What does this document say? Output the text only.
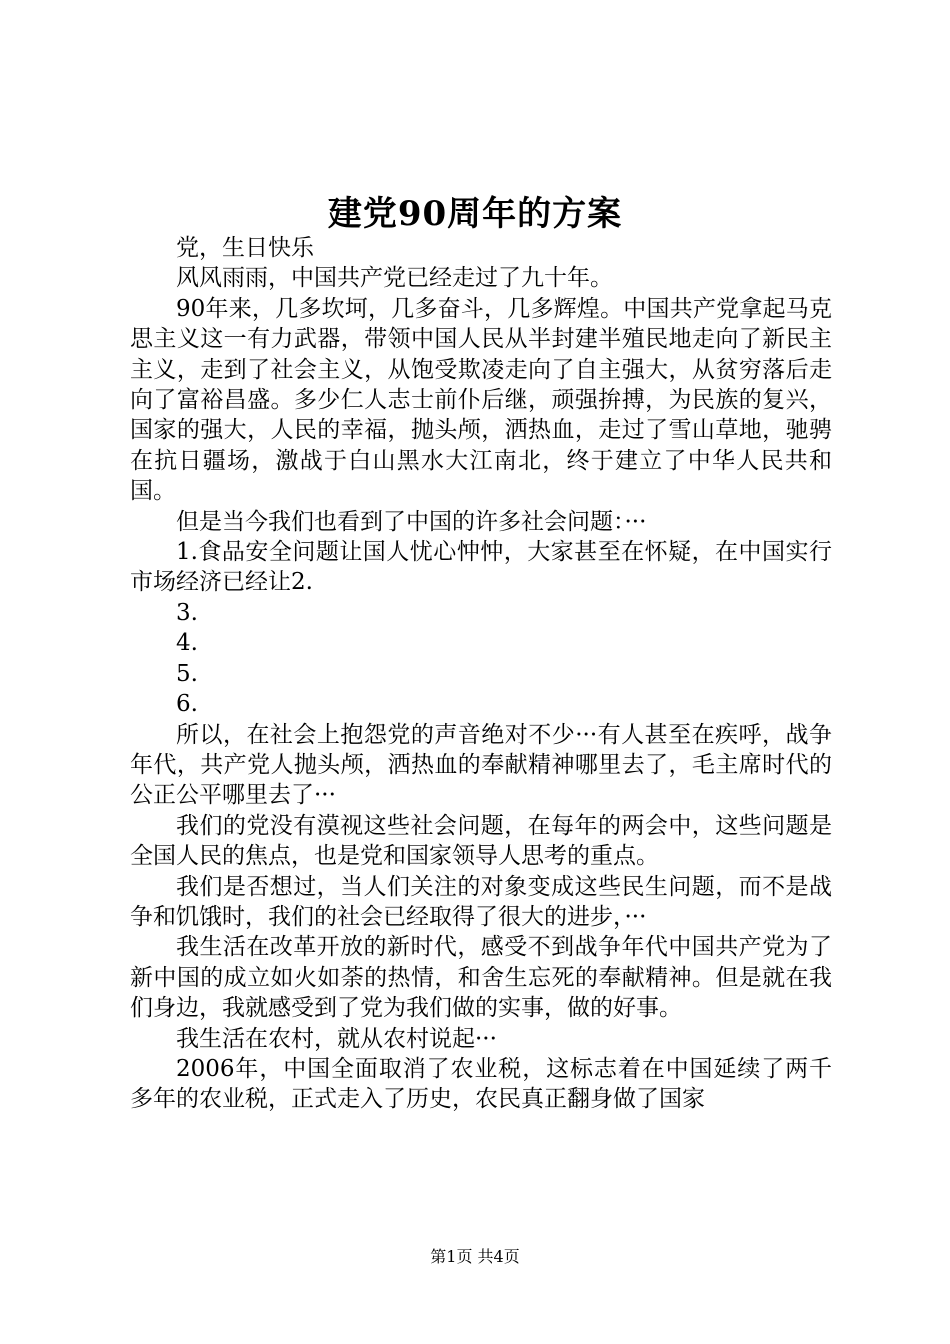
建党90周年的方案

党，生日快乐

风风雨雨，中国共产党已经走过了九十年。

90年来，几多坎坷，几多奋斗，几多辉煌。中国共产党拿起马克思主义这一有力武器，带领中国人民从半封建半殖民地走向了新民主主义，走到了社会主义，从饱受欺凌走向了自主强大，从贫穷落后走向了富裕昌盛。多少仁人志士前仆后继，顽强拚搏，为民族的复兴，国家的强大，人民的幸福，抛头颅，洒热血，走过了雪山草地，驰骋在抗日疆场，激战于白山黑水大江南北，终于建立了中华人民共和国。

但是当今我们也看到了中国的许多社会问题：···

1.食品安全问题让国人忧心忡忡，大家甚至在怀疑，在中国实行市场经济已经让2.

3.

4.

5.

6.

所以，在社会上抱怨党的声音绝对不少···有人甚至在疾呼，战争年代，共产党人抛头颅，洒热血的奉献精神哪里去了，毛主席时代的公正公平哪里去了···

我们的党没有漠视这些社会问题，在每年的两会中，这些问题是全国人民的焦点，也是党和国家领导人思考的重点。

我们是否想过，当人们关注的对象变成这些民生问题，而不是战争和饥饿时，我们的社会已经取得了很大的进步，···

我生活在改革开放的新时代，感受不到战争年代中国共产党为了新中国的成立如火如荼的热情，和舍生忘死的奉献精神。但是就在我们身边，我就感受到了党为我们做的实事，做的好事。

我生活在农村，就从农村说起···

2006年，中国全面取消了农业税，这标志着在中国延续了两千多年的农业税，正式走入了历史，农民真正翻身做了国家

第1页 共4页
